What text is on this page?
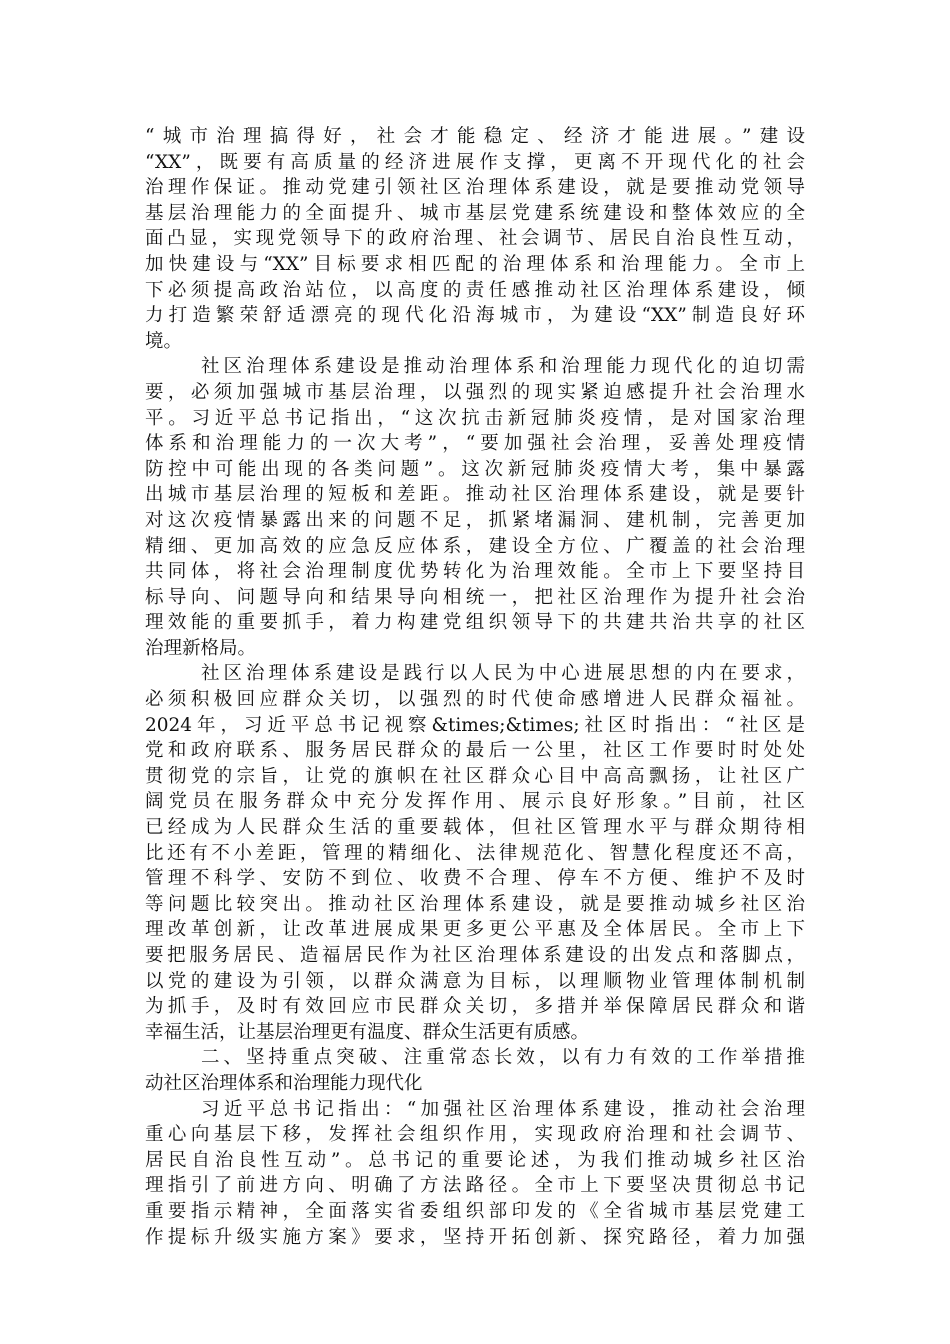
“城市治理搞得好，社会才能稳定、经济才能进展。”建设
“XX”，既要有高质量的经济进展作支撑，更离不开现代化的社会
治理作保证。推动党建引领社区治理体系建设，就是要推动党领导
基层治理能力的全面提升、城市基层党建系统建设和整体效应的全
面凸显，实现党领导下的政府治理、社会调节、居民自治良性互动，
加快建设与“XX”目标要求相匹配的治理体系和治理能力。全市上
下必须提高政治站位，以高度的责任感推动社区治理体系建设，倾
力打造繁荣舒适漂亮的现代化沿海城市，为建设“XX”制造良好环
境。

社区治理体系建设是推动治理体系和治理能力现代化的迫切需
要，必须加强城市基层治理，以强烈的现实紧迫感提升社会治理水
平。习近平总书记指出，“这次抗击新冠肺炎疫情，是对国家治理
体系和治理能力的一次大考”，“要加强社会治理，妥善处理疫情
防控中可能出现的各类问题”。这次新冠肺炎疫情大考，集中暴露
出城市基层治理的短板和差距。推动社区治理体系建设，就是要针
对这次疫情暴露出来的问题不足，抓紧堵漏洞、建机制，完善更加
精细、更加高效的应急反应体系，建设全方位、广覆盖的社会治理
共同体，将社会治理制度优势转化为治理效能。全市上下要坚持目
标导向、问题导向和结果导向相统一，把社区治理作为提升社会治
理效能的重要抓手，着力构建党组织领导下的共建共治共享的社区
治理新格局。

社区治理体系建设是践行以人民为中心进展思想的内在要求，
必须积极回应群众关切，以强烈的时代使命感增进人民群众福祉。
2024年，习近平总书记视察&times;&times;社区时指出：“社区是
党和政府联系、服务居民群众的最后一公里，社区工作要时时处处
贯彻党的宗旨，让党的旗帜在社区群众心目中高高飘扬，让社区广
阔党员在服务群众中充分发挥作用、展示良好形象。”目前，社区
已经成为人民群众生活的重要载体，但社区管理水平与群众期待相
比还有不小差距，管理的精细化、法律规范化、智慧化程度还不高，
管理不科学、安防不到位、收费不合理、停车不方便、维护不及时
等问题比较突出。推动社区治理体系建设，就是要推动城乡社区治
理改革创新，让改革进展成果更多更公平惠及全体居民。全市上下
要把服务居民、造福居民作为社区治理体系建设的出发点和落脚点，
以党的建设为引领，以群众满意为目标，以理顺物业管理体制机制
为抓手，及时有效回应市民群众关切，多措并举保障居民群众和谐
幸福生活，让基层治理更有温度、群众生活更有质感。

二、坚持重点突破、注重常态长效，以有力有效的工作举措推
动社区治理体系和治理能力现代化

习近平总书记指出：“加强社区治理体系建设，推动社会治理
重心向基层下移，发挥社会组织作用，实现政府治理和社会调节、
居民自治良性互动”。总书记的重要论述，为我们推动城乡社区治
理指引了前进方向、明确了方法路径。全市上下要坚决贯彻总书记
重要指示精神，全面落实省委组织部印发的《全省城市基层党建工
作提标升级实施方案》要求，坚持开拓创新、探究路径，着力加强
